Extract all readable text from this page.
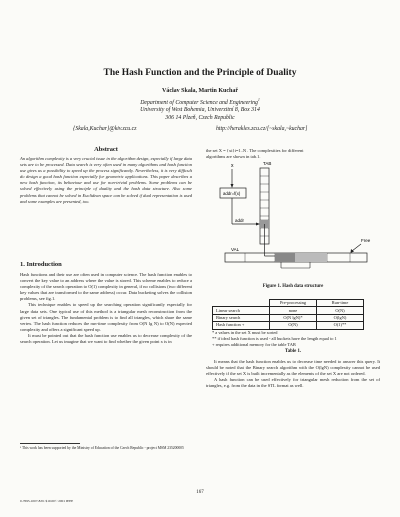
The Hash Function and the Principle of Duality
Václav Skala, Martin Kuchař
Department of Computer Science and Engineering$^1$
University of West Bohemia, Univerzitní 8, Box 314
306 14 Plzeň, Czech Republic
{Skala,Kuchar}@kiv.zcu.cz	http://herakles.zcu.cz/[~skala,~kuchar]
Abstract

An algorithm complexity is a very crucial issue in the algorithm design, especially if large data sets are to be processed. Data search is very often used in many algorithms and hash function use gives us a possibility to speed up the process significantly. Nevertheless, it is very difficult do design a good hash function especially for geometric applications. This paper describes a new hash function, its behaviour and use for non-trivial problems. Some problems can be solved effectively using the principle of duality and the hash data structure. Also some problems that cannot be solved in Euclidean space can be solved if dual representation is used and some examples are presented, too.

1. Introduction

Hash functions and their use are often used in computer science. The hash function enables to convert the key value to an address where the value is stored. This scheme enables to reduce a complexity of the search operation to O(1) complexity in general, if no collisions (two different key values that are transformed to the same address) occur. Data bucketing solves the collision problems, see fig.1.

This technique enables to speed up the searching operation significantly especially for large data sets. One typical use of this method is a triangular mesh reconstruction from the given set of triangles. The fundamental problem is to find all triangles, which share the same vertex. The hash function reduces the run-time complexity from O(N lg N) to O(N) expected complexity and offers a significant speed up.

It must be pointed out that the hash function use enables us to decrease complexity of the search operation. Let us imagine that we want to find whether the given point x is in

the set X = {xi}i=1..N . The complexities for different
algorithms are shown in tab.1.
x
addr=f(x)
addr
TAB
VAL
Free
Figure 1. Hash data structure
	Pre-processing	Run-time
Linear search	none	O(N)
Binary search	O(N lgN)*	O(lgN)
Hash function +	O(N)	O(1)**
* a values in the set X must be sorted
** if ideal hash function is used - all buckets have the length equal to 1
+ requires additional memory for the table TAB
Table 1.

It means that the hash function enables us to decrease time needed to answer this query. It should be noted that the Binary search algorithm with the O(lgN) complexity cannot be used effectively if the set X is built incrementally as the elements of the set X are not ordered.

A hash function can be used effectively for triangular mesh reduction from the set of triangles, e.g. from the data in the STL format as well.

¹ This work has been supported by the Ministry of Education of the Czech Republic - project MSM 235200005
167
0-7695-1007-8/01 $10.00© 2001 IEEE
